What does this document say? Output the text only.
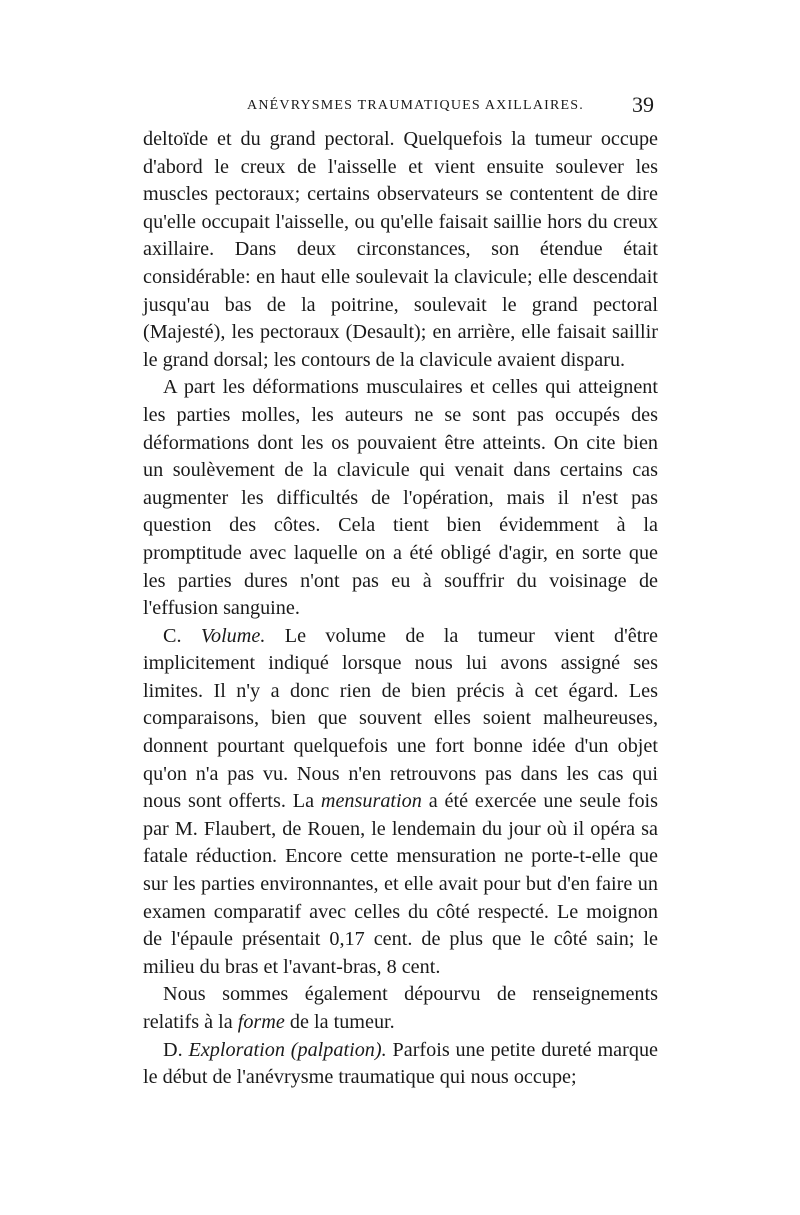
ANÉVRYSMES TRAUMATIQUES AXILLAIRES.	39

deltoïde et du grand pectoral. Quelquefois la tumeur occupe d'abord le creux de l'aisselle et vient ensuite soulever les muscles pectoraux; certains observateurs se contentent de dire qu'elle occupait l'aisselle, ou qu'elle faisait saillie hors du creux axillaire. Dans deux circonstances, son étendue était considérable: en haut elle soulevait la clavicule; elle descendait jusqu'au bas de la poitrine, soulevait le grand pectoral (Majesté), les pectoraux (Desault); en arrière, elle faisait saillir le grand dorsal; les contours de la clavicule avaient disparu.

A part les déformations musculaires et celles qui atteignent les parties molles, les auteurs ne se sont pas occupés des déformations dont les os pouvaient être atteints. On cite bien un soulèvement de la clavicule qui venait dans certains cas augmenter les difficultés de l'opération, mais il n'est pas question des côtes. Cela tient bien évidemment à la promptitude avec laquelle on a été obligé d'agir, en sorte que les parties dures n'ont pas eu à souffrir du voisinage de l'effusion sanguine.

C. Volume. Le volume de la tumeur vient d'être implicitement indiqué lorsque nous lui avons assigné ses limites. Il n'y a donc rien de bien précis à cet égard. Les comparaisons, bien que souvent elles soient malheureuses, donnent pourtant quelquefois une fort bonne idée d'un objet qu'on n'a pas vu. Nous n'en retrouvons pas dans les cas qui nous sont offerts. La mensuration a été exercée une seule fois par M. Flaubert, de Rouen, le lendemain du jour où il opéra sa fatale réduction. Encore cette mensuration ne porte-t-elle que sur les parties environnantes, et elle avait pour but d'en faire un examen comparatif avec celles du côté respecté. Le moignon de l'épaule présentait 0,17 cent. de plus que le côté sain; le milieu du bras et l'avant-bras, 8 cent.

Nous sommes également dépourvu de renseignements relatifs à la forme de la tumeur.

D. Exploration (palpation). Parfois une petite dureté marque le début de l'anévrysme traumatique qui nous occupe;
